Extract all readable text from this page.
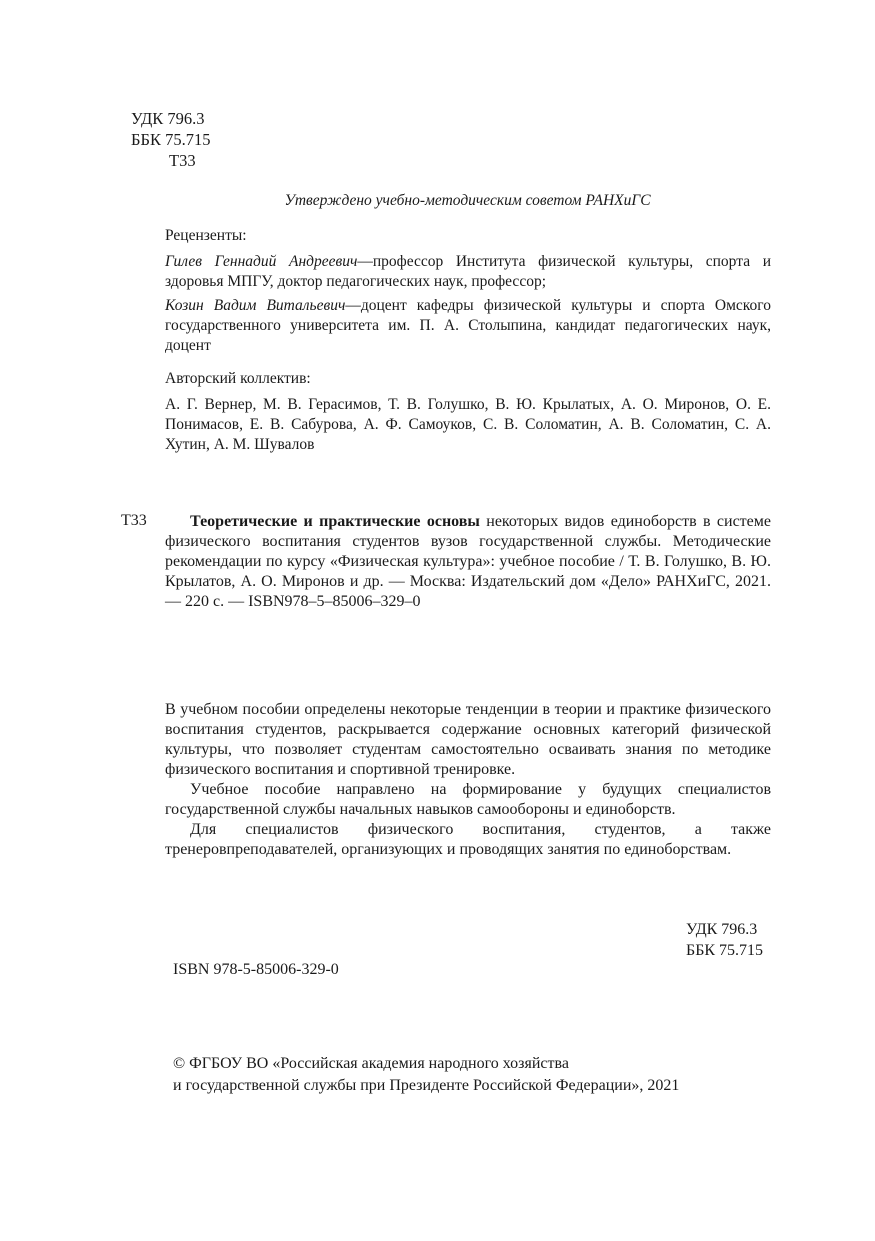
УДК 796.3
ББК 75.715
Т33
Утверждено учебно-методическим советом РАНХиГС

Рецензенты:

Гилев Геннадий Андреевич—профессор Института физической культуры, спорта и здоровья МПГУ, доктор педагогических наук, профессор;

Козин Вадим Витальевич—доцент кафедры физической культуры и спорта Омского государственного университета им. П. А. Столыпина, кандидат педагогических наук, доцент

Авторский коллектив:

А. Г. Вернер, М. В. Герасимов, Т. В. Голушко, В. Ю. Крылатых, А. О. Миронов, О. Е. Понимасов, Е. В. Сабурова, А. Ф. Самоуков, С. В. Соломатин, А. В. Соломатин, С. А. Хутин, А. М. Шувалов

Т33	Теоретические и практические основы некоторых видов единоборств в системе физического воспитания студентов вузов государственной службы. Методические рекомендации по курсу «Физическая культура»: учебное пособие / Т. В. Голушко, В. Ю. Крылатов, А. О. Миронов и др. — Москва: Издательский дом «Дело» РАНХиГС, 2021. — 220 с. — ISBN978–5–85006–329–0

В учебном пособии определены некоторые тенденции в теории и практике физического воспитания студентов, раскрывается содержание основных категорий физической культуры, что позволяет студентам самостоятельно осваивать знания по методике физического воспитания и спортивной тренировке.

Учебное пособие направлено на формирование у будущих специалистов государственной службы начальных навыков самообороны и единоборств.

Для специалистов физического воспитания, студентов, а также тренеровпреподавателей, организующих и проводящих занятия по единоборствам.

УДК 796.3
ББК 75.715
ISBN 978-5-85006-329-0
© ФГБОУ ВО «Российская академия народного хозяйства
и государственной службы при Президенте Российской Федерации», 2021
